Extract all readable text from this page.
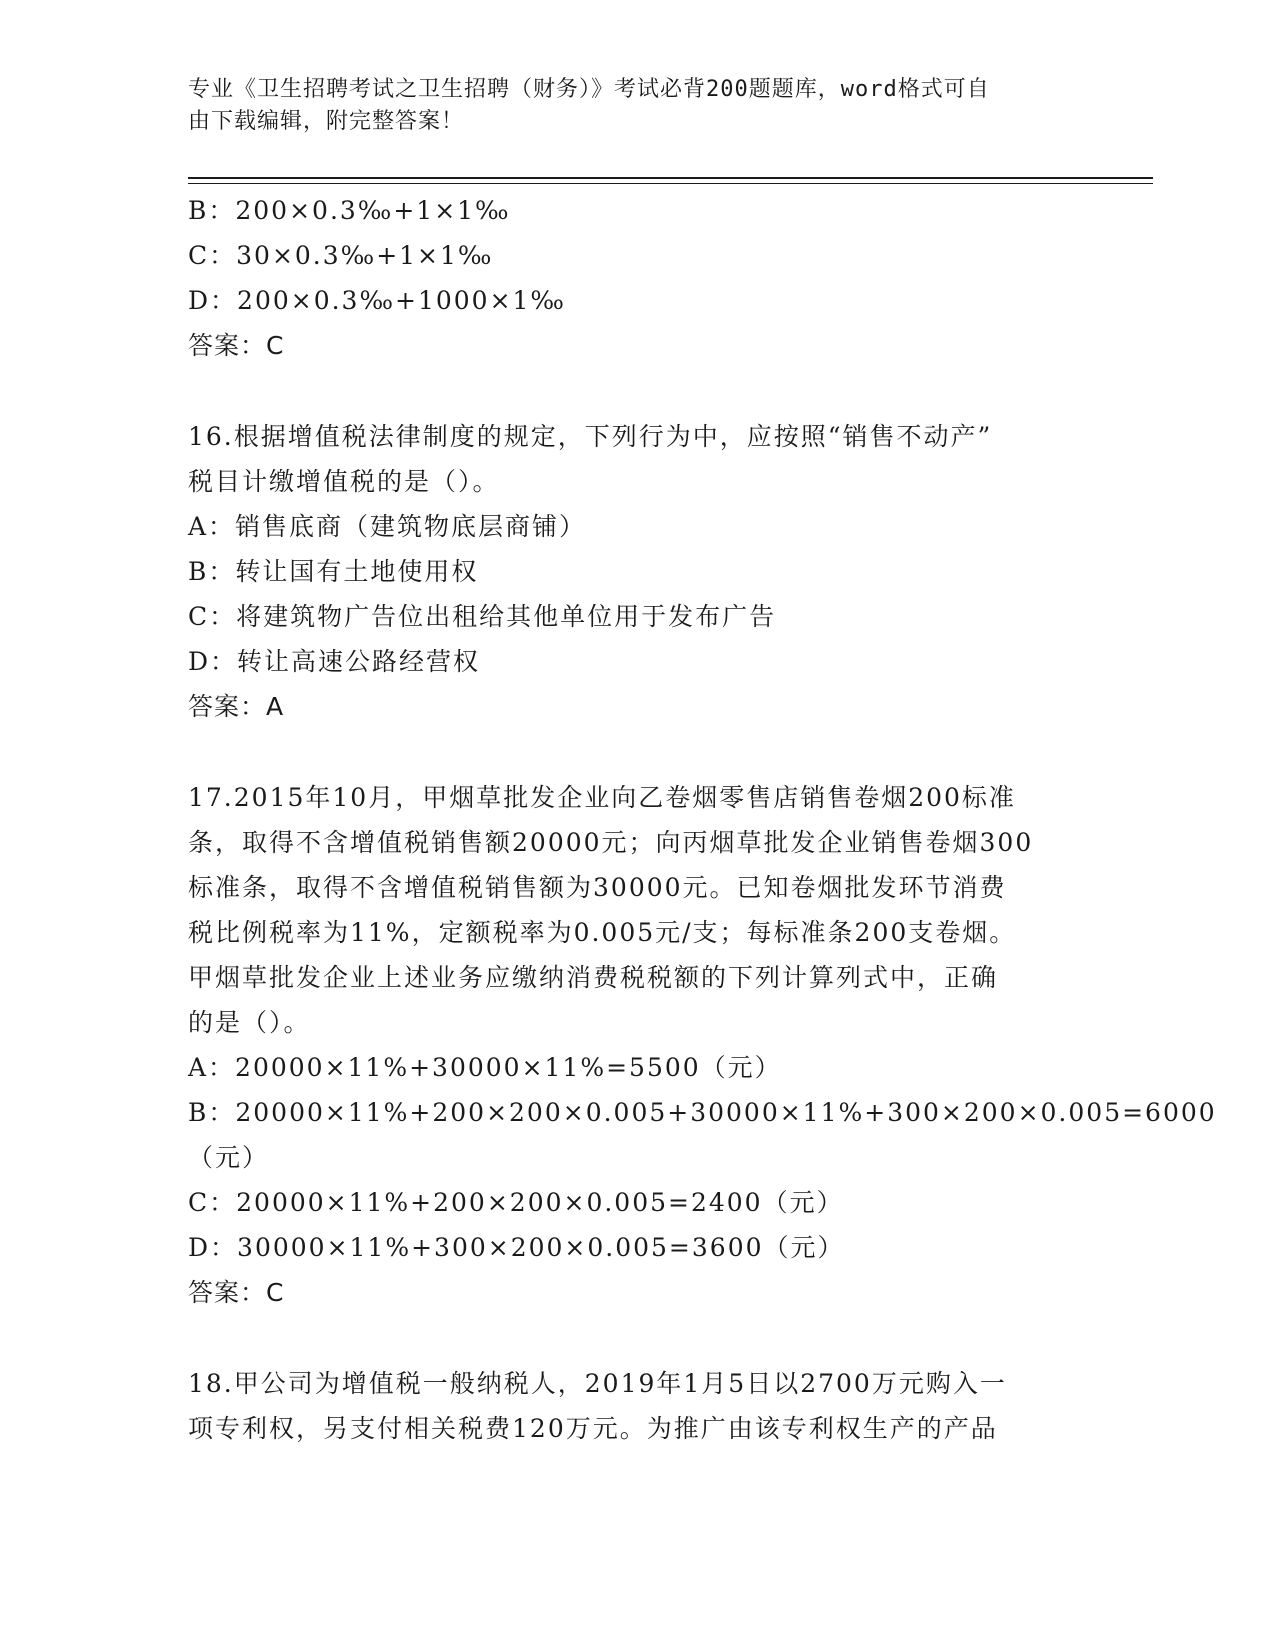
专业《卫生招聘考试之卫生招聘（财务）》考试必背200题题库，word格式可自
由下载编辑，附完整答案！
B：200×0.3‰+1×1‰
C：30×0.3‰+1×1‰
D：200×0.3‰+1000×1‰
答案：C
16.根据增值税法律制度的规定，下列行为中，应按照“销售不动产”
税目计缴增值税的是（）。
A：销售底商（建筑物底层商铺）
B：转让国有土地使用权
C：将建筑物广告位出租给其他单位用于发布广告
D：转让高速公路经营权
答案：A
17.2015年10月，甲烟草批发企业向乙卷烟零售店销售卷烟200标准
条，取得不含增值税销售额20000元；向丙烟草批发企业销售卷烟300
标准条，取得不含增值税销售额为30000元。已知卷烟批发环节消费
税比例税率为11%，定额税率为0.005元/支；每标准条200支卷烟。
甲烟草批发企业上述业务应缴纳消费税税额的下列计算列式中，正确
的是（）。
A：20000×11%+30000×11%=5500（元）
B：20000×11%+200×200×0.005+30000×11%+300×200×0.005=6000
（元）
C：20000×11%+200×200×0.005=2400（元）
D：30000×11%+300×200×0.005=3600（元）
答案：C
18.甲公司为增值税一般纳税人，2019年1月5日以2700万元购入一
项专利权，另支付相关税费120万元。为推广由该专利权生产的产品
